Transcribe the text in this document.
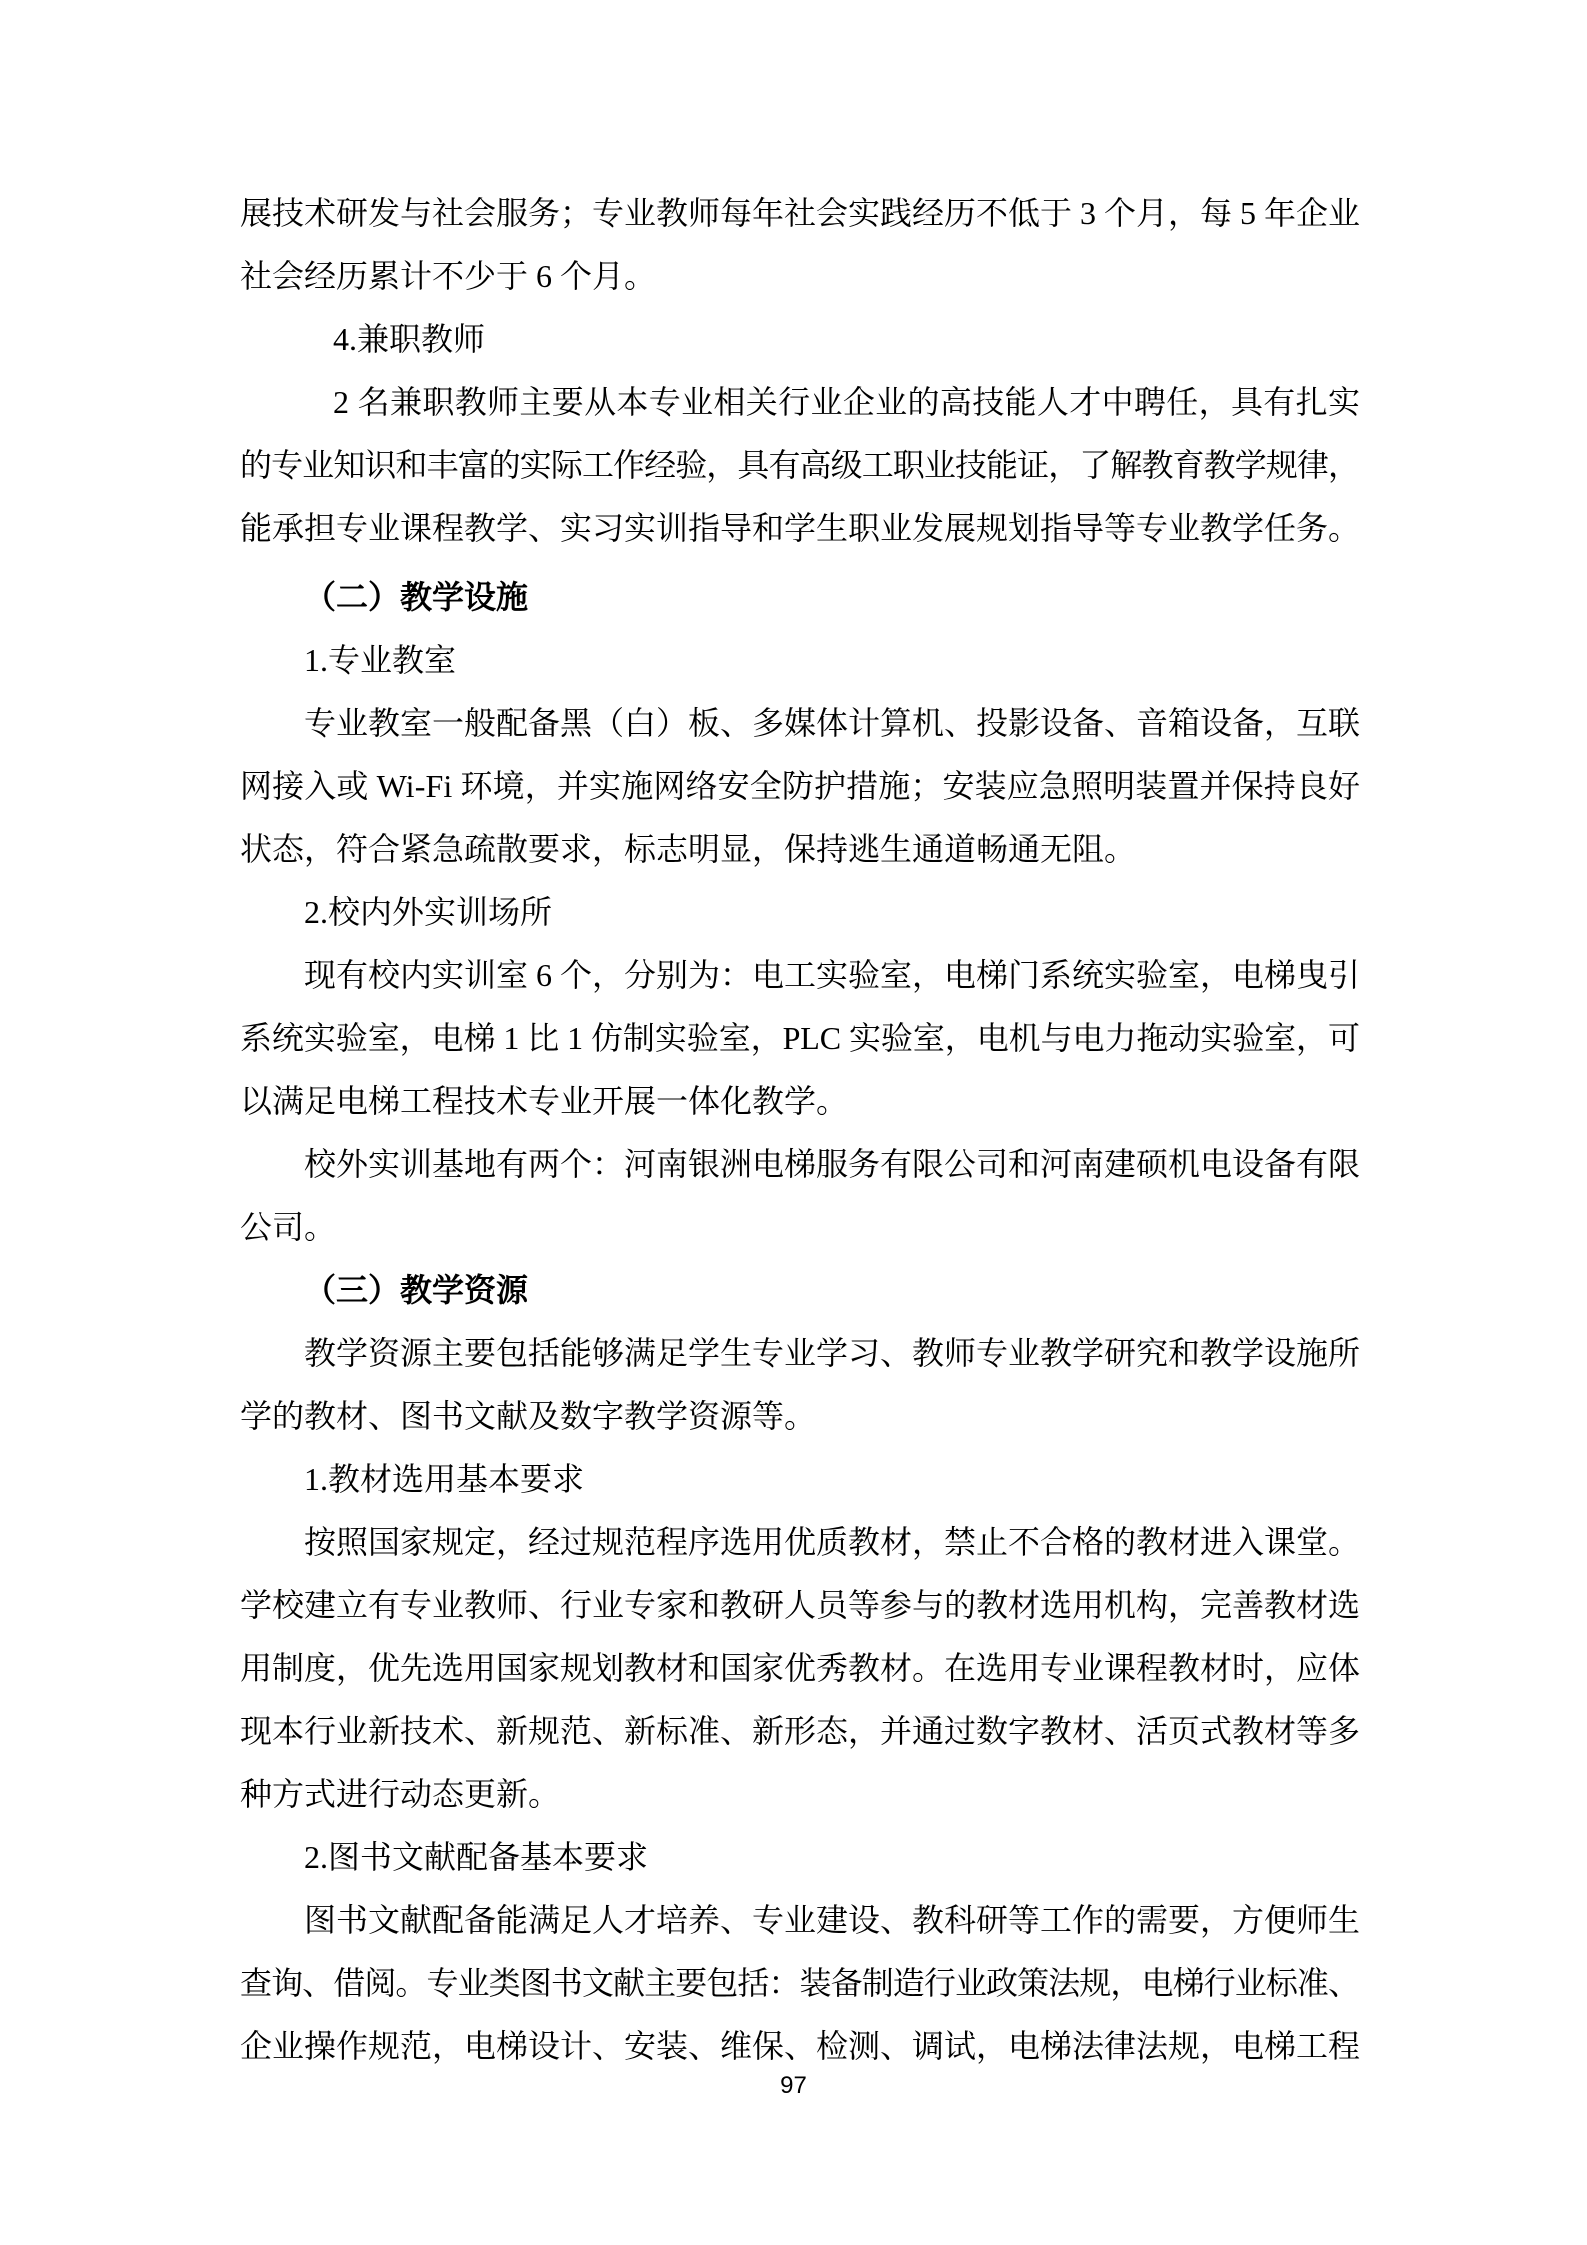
展技术研发与社会服务；专业教师每年社会实践经历不低于 3 个月，每 5 年企业
社会经历累计不少于 6 个月。
4.兼职教师
2 名兼职教师主要从本专业相关行业企业的高技能人才中聘任，具有扎实
的专业知识和丰富的实际工作经验，具有高级工职业技能证，了解教育教学规律，
能承担专业课程教学、实习实训指导和学生职业发展规划指导等专业教学任务。
（二）教学设施
1.专业教室
专业教室一般配备黑（白）板、多媒体计算机、投影设备、音箱设备，互联
网接入或 Wi-Fi 环境，并实施网络安全防护措施；安装应急照明装置并保持良好
状态，符合紧急疏散要求，标志明显，保持逃生通道畅通无阻。
2.校内外实训场所
现有校内实训室 6 个，分别为：电工实验室，电梯门系统实验室，电梯曳引
系统实验室，电梯 1 比 1 仿制实验室，PLC 实验室，电机与电力拖动实验室，可
以满足电梯工程技术专业开展一体化教学。
校外实训基地有两个：河南银洲电梯服务有限公司和河南建硕机电设备有限
公司。
（三）教学资源
教学资源主要包括能够满足学生专业学习、教师专业教学研究和教学设施所
学的教材、图书文献及数字教学资源等。
1.教材选用基本要求
按照国家规定，经过规范程序选用优质教材，禁止不合格的教材进入课堂。
学校建立有专业教师、行业专家和教研人员等参与的教材选用机构，完善教材选
用制度，优先选用国家规划教材和国家优秀教材。在选用专业课程教材时，应体
现本行业新技术、新规范、新标准、新形态，并通过数字教材、活页式教材等多
种方式进行动态更新。
2.图书文献配备基本要求
图书文献配备能满足人才培养、专业建设、教科研等工作的需要，方便师生
查询、借阅。专业类图书文献主要包括：装备制造行业政策法规，电梯行业标准、
企业操作规范，电梯设计、安装、维保、检测、调试，电梯法律法规，电梯工程
97
